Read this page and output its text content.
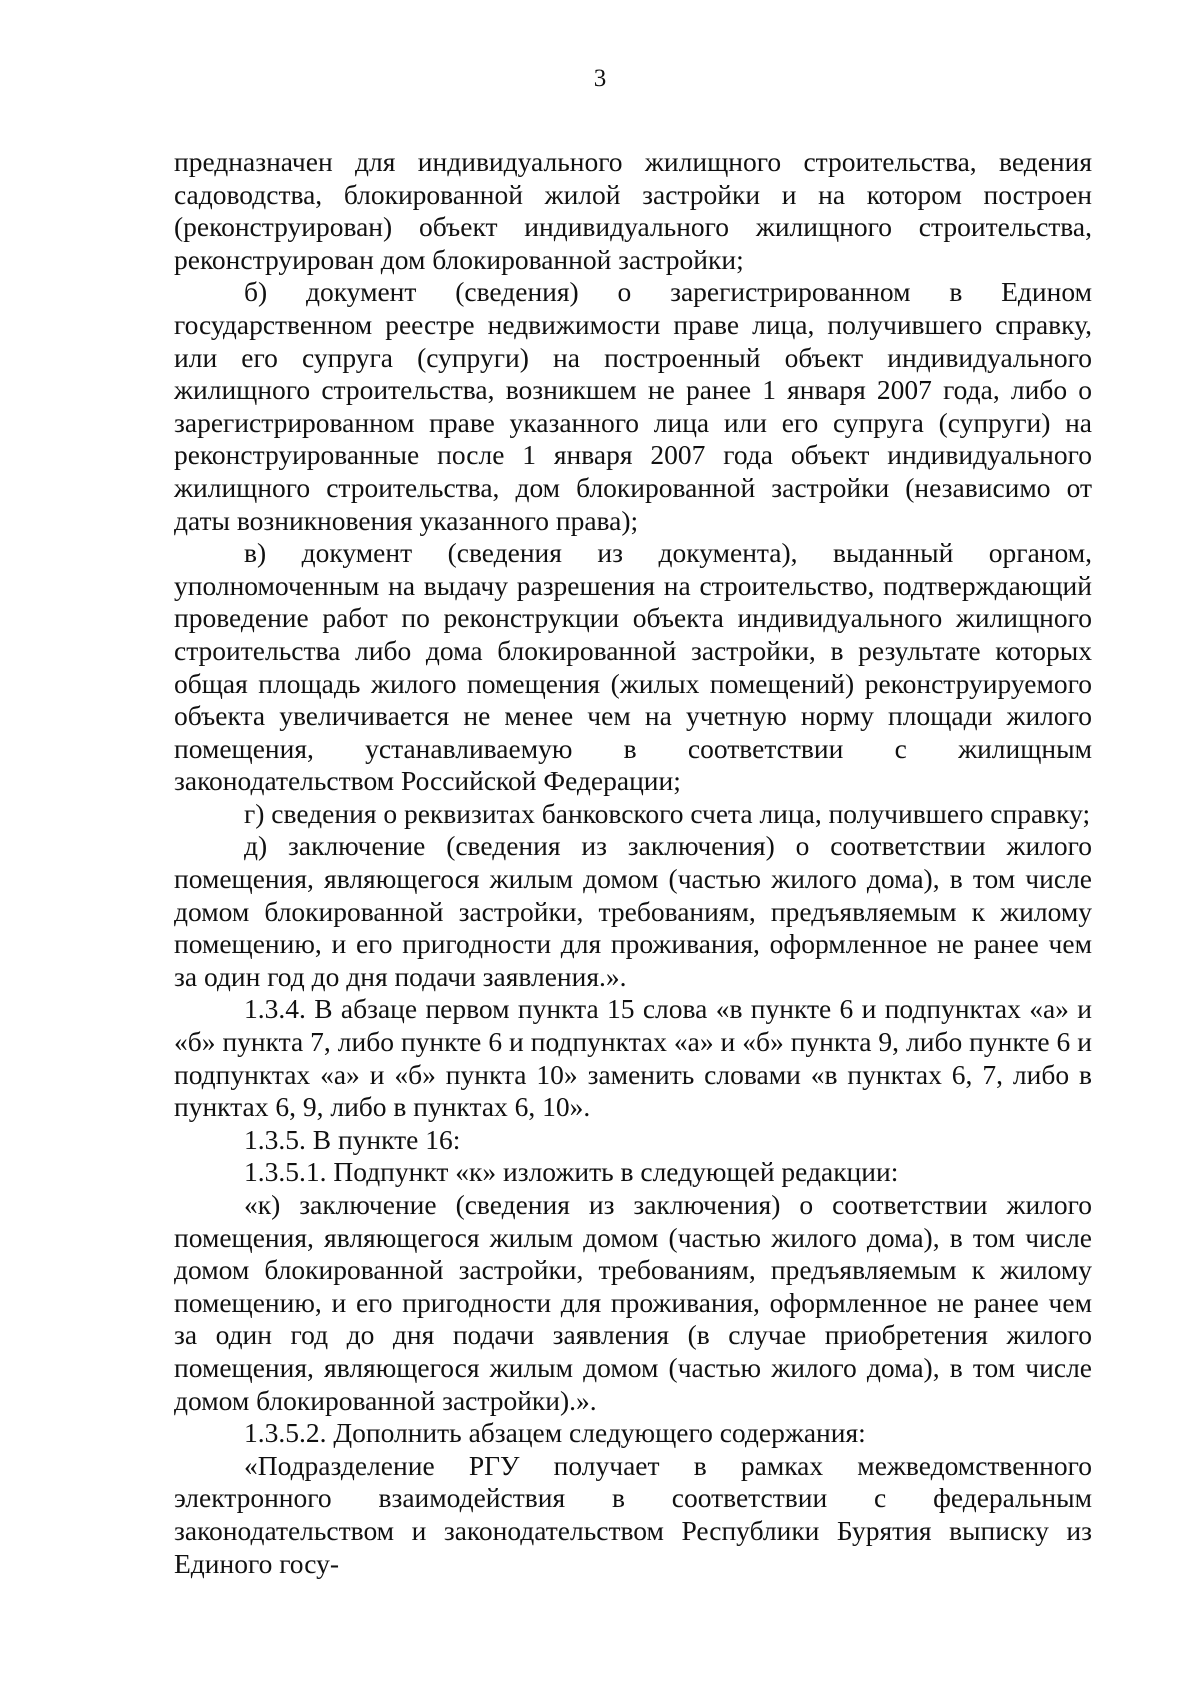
3

предназначен для индивидуального жилищного строительства, ведения садоводства, блокированной жилой застройки и на котором построен (реконструирован) объект индивидуального жилищного строительства, реконструирован дом блокированной застройки;

б) документ (сведения) о зарегистрированном в Едином государственном реестре недвижимости праве лица, получившего справку, или его супруга (супруги) на построенный объект индивидуального жилищного строительства, возникшем не ранее 1 января 2007 года, либо о зарегистрированном праве указанного лица или его супруга (супруги) на реконструированные после 1 января 2007 года объект индивидуального жилищного строительства, дом блокированной застройки (независимо от даты возникновения указанного права);

в) документ (сведения из документа), выданный органом, уполномоченным на выдачу разрешения на строительство, подтверждающий проведение работ по реконструкции объекта индивидуального жилищного строительства либо дома блокированной застройки, в результате которых общая площадь жилого помещения (жилых помещений) реконструируемого объекта увеличивается не менее чем на учетную норму площади жилого помещения, устанавливаемую в соответствии с жилищным законодательством Российской Федерации;

г) сведения о реквизитах банковского счета лица, получившего справку;

д) заключение (сведения из заключения) о соответствии жилого помещения, являющегося жилым домом (частью жилого дома), в том числе домом блокированной застройки, требованиям, предъявляемым к жилому помещению, и его пригодности для проживания, оформленное не ранее чем за один год до дня подачи заявления.».

1.3.4. В абзаце первом пункта 15 слова «в пункте 6 и подпунктах «а» и «б» пункта 7, либо пункте 6 и подпунктах «а» и «б» пункта 9, либо пункте 6 и подпунктах «а» и «б» пункта 10» заменить словами «в пунктах 6, 7, либо в пунктах 6, 9, либо в пунктах 6, 10».

1.3.5. В пункте 16:

1.3.5.1. Подпункт «к» изложить в следующей редакции:

«к) заключение (сведения из заключения) о соответствии жилого помещения, являющегося жилым домом (частью жилого дома), в том числе домом блокированной застройки, требованиям, предъявляемым к жилому помещению, и его пригодности для проживания, оформленное не ранее чем за один год до дня подачи заявления (в случае приобретения жилого помещения, являющегося жилым домом (частью жилого дома), в том числе домом блокированной застройки).».

1.3.5.2. Дополнить абзацем следующего содержания:

«Подразделение РГУ получает в рамках межведомственного электронного взаимодействия в соответствии с федеральным законодательством и законодательством Республики Бурятия выписку из Единого госу-
